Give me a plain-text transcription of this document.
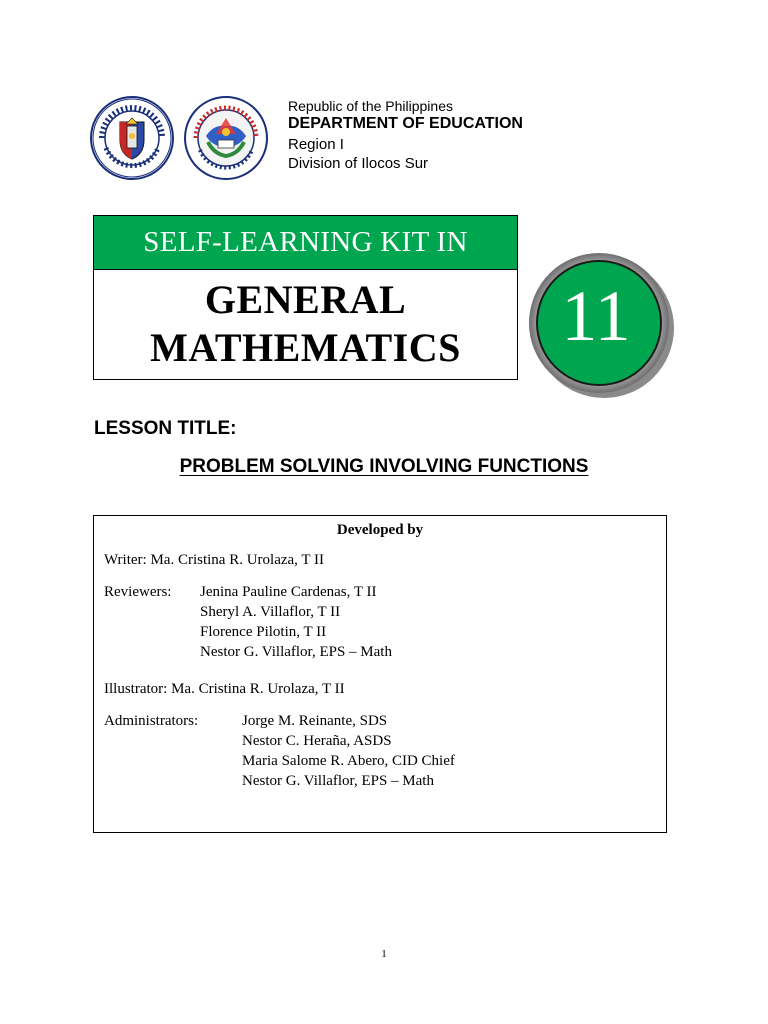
Republic of the Philippines
DEPARTMENT OF EDUCATION
Region I
Division of Ilocos Sur
SELF-LEARNING KIT IN
GENERAL
MATHEMATICS	11
LESSON TITLE:
PROBLEM SOLVING INVOLVING FUNCTIONS
Developed by
Writer: Ma. Cristina R. Urolaza, T II
Reviewers: Jenina Pauline Cardenas, T II
Sheryl A. Villaflor, T II
Florence Pilotin, T II
Nestor G. Villaflor, EPS – Math
Illustrator: Ma. Cristina R. Urolaza, T II
Administrators:	Jorge M. Reinante, SDS
Nestor C. Heraña, ASDS
Maria Salome R. Abero, CID Chief
Nestor G. Villaflor, EPS – Math
1
